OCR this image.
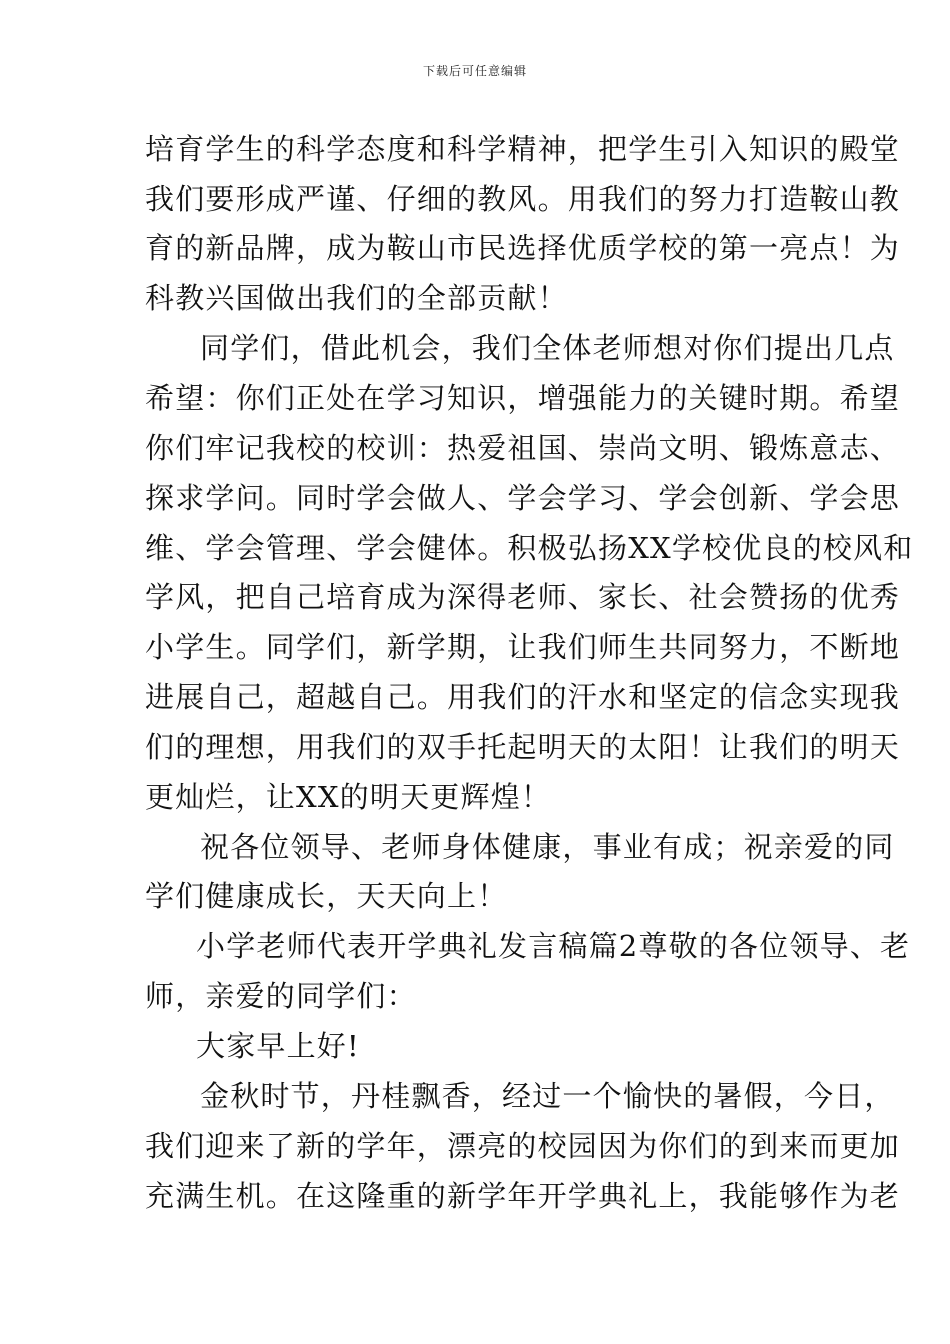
下载后可任意编辑
培育学生的科学态度和科学精神，把学生引入知识的殿堂
我们要形成严谨、仔细的教风。用我们的努力打造鞍山教
育的新品牌，成为鞍山市民选择优质学校的第一亮点！为
科教兴国做出我们的全部贡献！
同学们，借此机会，我们全体老师想对你们提出几点
希望：你们正处在学习知识，增强能力的关键时期。希望
你们牢记我校的校训：热爱祖国、崇尚文明、锻炼意志、
探求学问。同时学会做人、学会学习、学会创新、学会思
维、学会管理、学会健体。积极弘扬XX学校优良的校风和
学风，把自己培育成为深得老师、家长、社会赞扬的优秀
小学生。同学们，新学期，让我们师生共同努力，不断地
进展自己，超越自己。用我们的汗水和坚定的信念实现我
们的理想，用我们的双手托起明天的太阳！让我们的明天
更灿烂，让XX的明天更辉煌！
祝各位领导、老师身体健康，事业有成；祝亲爱的同
学们健康成长，天天向上！
小学老师代表开学典礼发言稿篇2尊敬的各位领导、老
师，亲爱的同学们：
大家早上好!
金秋时节，丹桂飘香，经过一个愉快的暑假，今日，
我们迎来了新的学年，漂亮的校园因为你们的到来而更加
充满生机。在这隆重的新学年开学典礼上，我能够作为老
